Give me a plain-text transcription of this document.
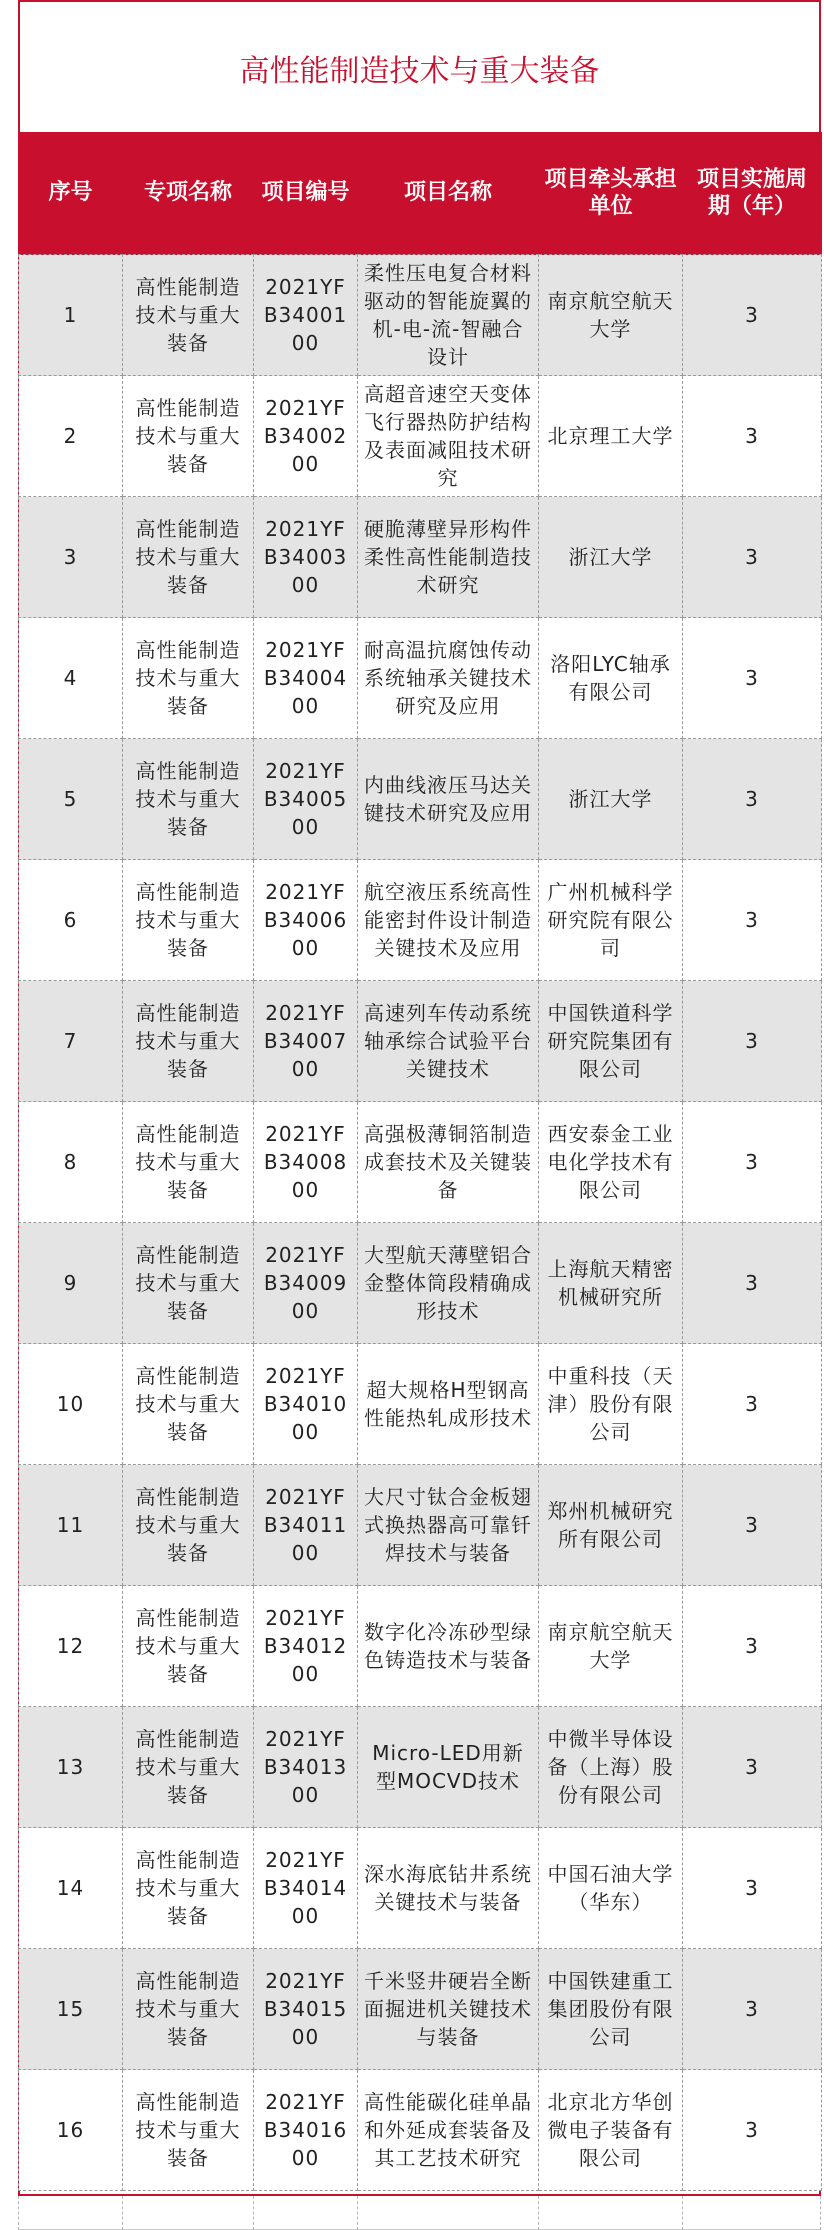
高性能制造技术与重大装备
序号	专项名称	项目编号	项目名称	项目牵头承担单位	项目实施周期（年）
1	高性能制造技术与重大装备	2021YFB3400100	柔性压电复合材料驱动的智能旋翼的机-电-流-智融合设计	南京航空航天大学	3
2	高性能制造技术与重大装备	2021YFB3400200	高超音速空天变体飞行器热防护结构及表面减阻技术研究	北京理工大学	3
3	高性能制造技术与重大装备	2021YFB3400300	硬脆薄壁异形构件柔性高性能制造技术研究	浙江大学	3
4	高性能制造技术与重大装备	2021YFB3400400	耐高温抗腐蚀传动系统轴承关键技术研究及应用	洛阳LYC轴承有限公司	3
5	高性能制造技术与重大装备	2021YFB3400500	内曲线液压马达关键技术研究及应用	浙江大学	3
6	高性能制造技术与重大装备	2021YFB3400600	航空液压系统高性能密封件设计制造关键技术及应用	广州机械科学研究院有限公司	3
7	高性能制造技术与重大装备	2021YFB3400700	高速列车传动系统轴承综合试验平台关键技术	中国铁道科学研究院集团有限公司	3
8	高性能制造技术与重大装备	2021YFB3400800	高强极薄铜箔制造成套技术及关键装备	西安泰金工业电化学技术有限公司	3
9	高性能制造技术与重大装备	2021YFB3400900	大型航天薄壁铝合金整体筒段精确成形技术	上海航天精密机械研究所	3
10	高性能制造技术与重大装备	2021YFB3401000	超大规格H型钢高性能热轧成形技术	中重科技（天津）股份有限公司	3
11	高性能制造技术与重大装备	2021YFB3401100	大尺寸钛合金板翅式换热器高可靠钎焊技术与装备	郑州机械研究所有限公司	3
12	高性能制造技术与重大装备	2021YFB3401200	数字化冷冻砂型绿色铸造技术与装备	南京航空航天大学	3
13	高性能制造技术与重大装备	2021YFB3401300	Micro-LED用新型MOCVD技术	中微半导体设备（上海）股份有限公司	3
14	高性能制造技术与重大装备	2021YFB3401400	深水海底钻井系统关键技术与装备	中国石油大学（华东）	3
15	高性能制造技术与重大装备	2021YFB3401500	千米竖井硬岩全断面掘进机关键技术与装备	中国铁建重工集团股份有限公司	3
16	高性能制造技术与重大装备	2021YFB3401600	高性能碳化硅单晶和外延成套装备及其工艺技术研究	北京北方华创微电子装备有限公司	3
